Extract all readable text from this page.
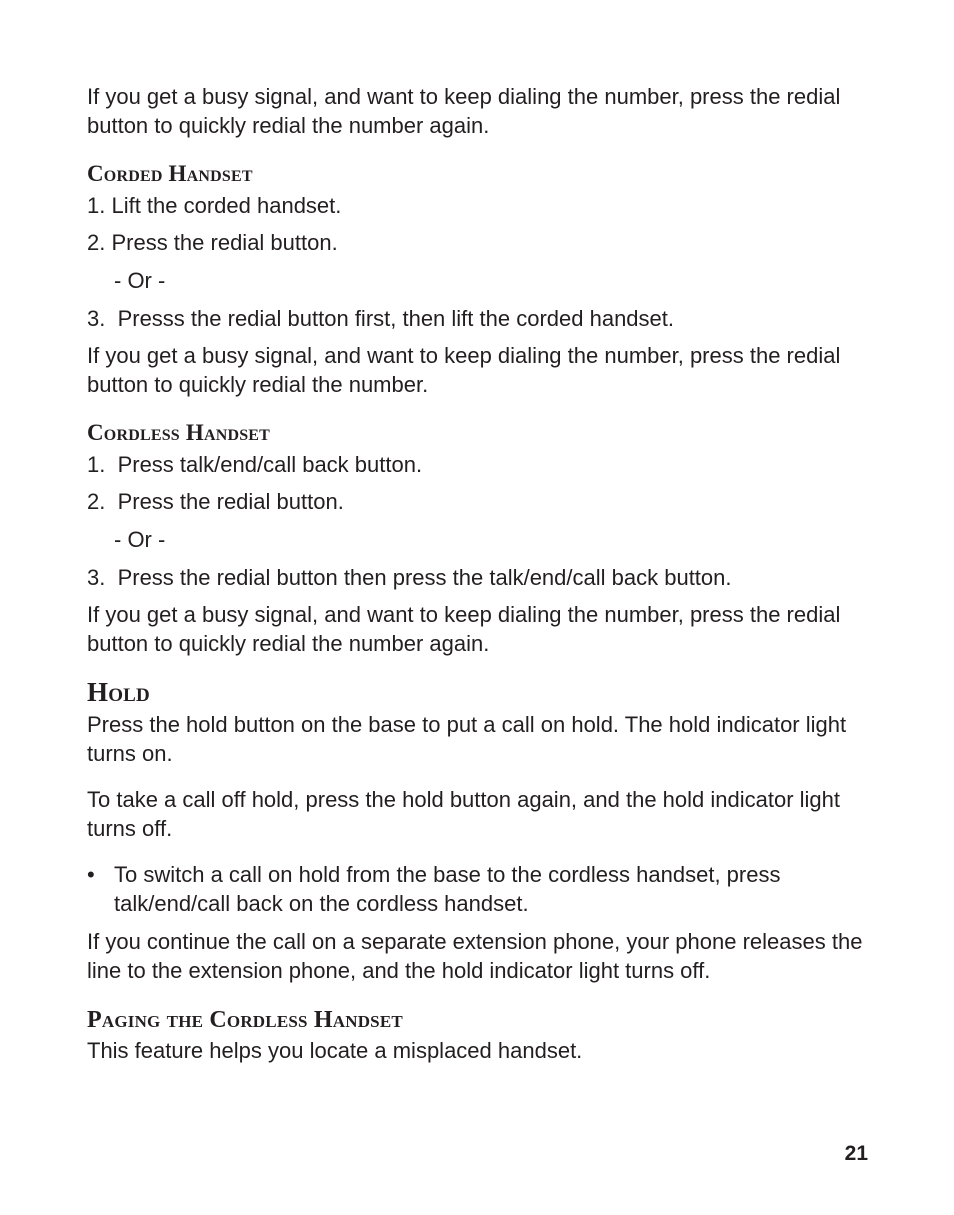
If you get a busy signal, and want to keep dialing the number, press the redial button to quickly redial the number again.

Corded Handset

1. Lift the corded handset.

2. Press the redial button.

- Or -

3.  Presss the redial button first, then lift the corded handset.

If you get a busy signal, and want to keep dialing the number, press the redial button to quickly redial the number.

Cordless Handset

1.  Press talk/end/call back button.

2.  Press the redial button.

- Or -

3.  Press the redial button then press the talk/end/call back button.

If you get a busy signal, and want to keep dialing the number, press the redial button to quickly redial the number again.

Hold

Press the hold button on the base to put a call on hold. The hold indicator light turns on.

To take a call off hold, press the hold button again, and the hold indicator light turns off.

• To switch a call on hold from the base to the cordless handset, press talk/end/call back on the cordless handset.

If you continue the call on a separate extension phone, your phone releases the line to the extension phone, and the hold indicator light turns off.

Paging the Cordless Handset

This feature helps you locate a misplaced handset.

21
